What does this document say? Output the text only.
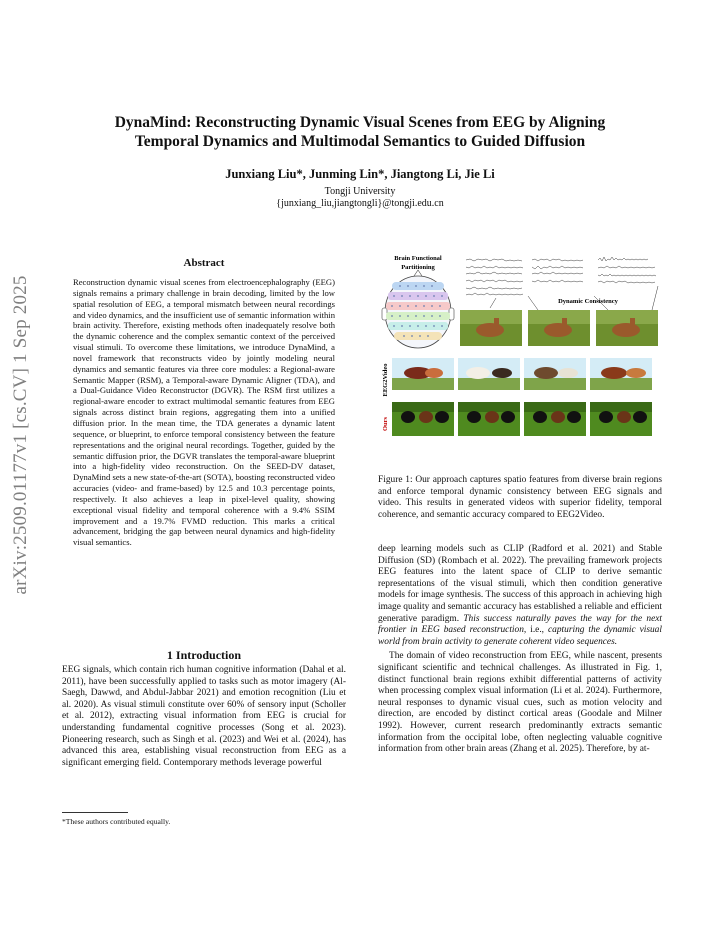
arXiv:2509.01177v1 [cs.CV] 1 Sep 2025
DynaMind: Reconstructing Dynamic Visual Scenes from EEG by Aligning
Temporal Dynamics and Multimodal Semantics to Guided Diffusion
Junxiang Liu*, Junming Lin*, Jiangtong Li, Jie Li
Tongji University
{junxiang_liu,jiangtongli}@tongji.edu.cn
Abstract
Reconstruction dynamic visual scenes from electroencephalography (EEG) signals remains a primary challenge in brain decoding, limited by the low spatial resolution of EEG, a temporal mismatch between neural recordings and video dynamics, and the insufficient use of semantic information within brain activity. Therefore, existing methods often inadequately resolve both the dynamic coherence and the complex semantic context of the perceived visual stimuli. To overcome these limitations, we introduce DynaMind, a novel framework that reconstructs video by jointly modeling neural dynamics and semantic features via three core modules: a Regional-aware Semantic Mapper (RSM), a Temporal-aware Dynamic Aligner (TDA), and a Dual-Guidance Video Reconstructor (DGVR). The RSM first utilizes a regional-aware encoder to extract multimodal semantic features from EEG signals across distinct brain regions, aggregating them into a unified diffusion prior. In the mean time, the TDA generates a dynamic latent sequence, or blueprint, to enforce temporal consistency between the feature representations and the original neural recordings. Together, guided by the semantic diffusion prior, the DGVR translates the temporal-aware blueprint into a high-fidelity video reconstruction. On the SEED-DV dataset, DynaMind sets a new state-of-the-art (SOTA), boosting reconstructed video accuracies (video- and frame-based) by 12.5 and 10.3 percentage points, respectively. It also achieves a leap in pixel-level quality, showing exceptional visual fidelity and temporal coherence with a 9.4% SSIM improvement and a 19.7% FVMD reduction. This marks a critical advancement, bridging the gap between neural dynamics and high-fidelity visual semantics.
1 Introduction

EEG signals, which contain rich human cognitive information (Dahal et al. 2011), have been successfully applied to tasks such as motor imagery (Al-Saegh, Dawwd, and Abdul-Jabbar 2021) and emotion recognition (Liu et al. 2020). As visual stimuli constitute over 60% of sensory input (Scholler et al. 2012), extracting visual information from EEG is crucial for understanding fundamental cognitive processes (Song et al. 2023). Pioneering research, such as Singh et al. (2023) and Wei et al. (2024), has advanced this area, establishing visual reconstruction from EEG as a significant emerging field. Contemporary methods leverage powerful

*These authors contributed equally.
Brain Functional
Partitioning
Dynamic Consistency
EEG2Video
Ours
Figure 1: Our approach captures spatio features from diverse brain regions and enforce temporal dynamic consistency between EEG signals and video. This results in generated videos with superior fidelity, temporal coherence, and semantic accuracy compared to EEG2Video.

deep learning models such as CLIP (Radford et al. 2021) and Stable Diffusion (SD) (Rombach et al. 2022). The prevailing framework projects EEG features into the latent space of CLIP to derive semantic representations of the visual stimuli, which then condition generative models for image synthesis. The success of this approach in achieving high image quality and semantic accuracy has established a reliable and efficient generative paradigm. This success naturally paves the way for the next frontier in EEG based reconstruction, i.e., capturing the dynamic visual world from brain activity to generate coherent video sequences.

The domain of video reconstruction from EEG, while nascent, presents significant scientific and technical challenges. As illustrated in Fig. 1, distinct functional brain regions exhibit differential patterns of activity when processing complex visual information (Li et al. 2024). Furthermore, neural responses to dynamic visual cues, such as motion velocity and direction, are encoded by distinct cortical areas (Goodale and Milner 1992). However, current research predominantly extracts semantic information from the occipital lobe, often neglecting valuable cognitive information from other brain areas (Zhang et al. 2025). Therefore, by at-
